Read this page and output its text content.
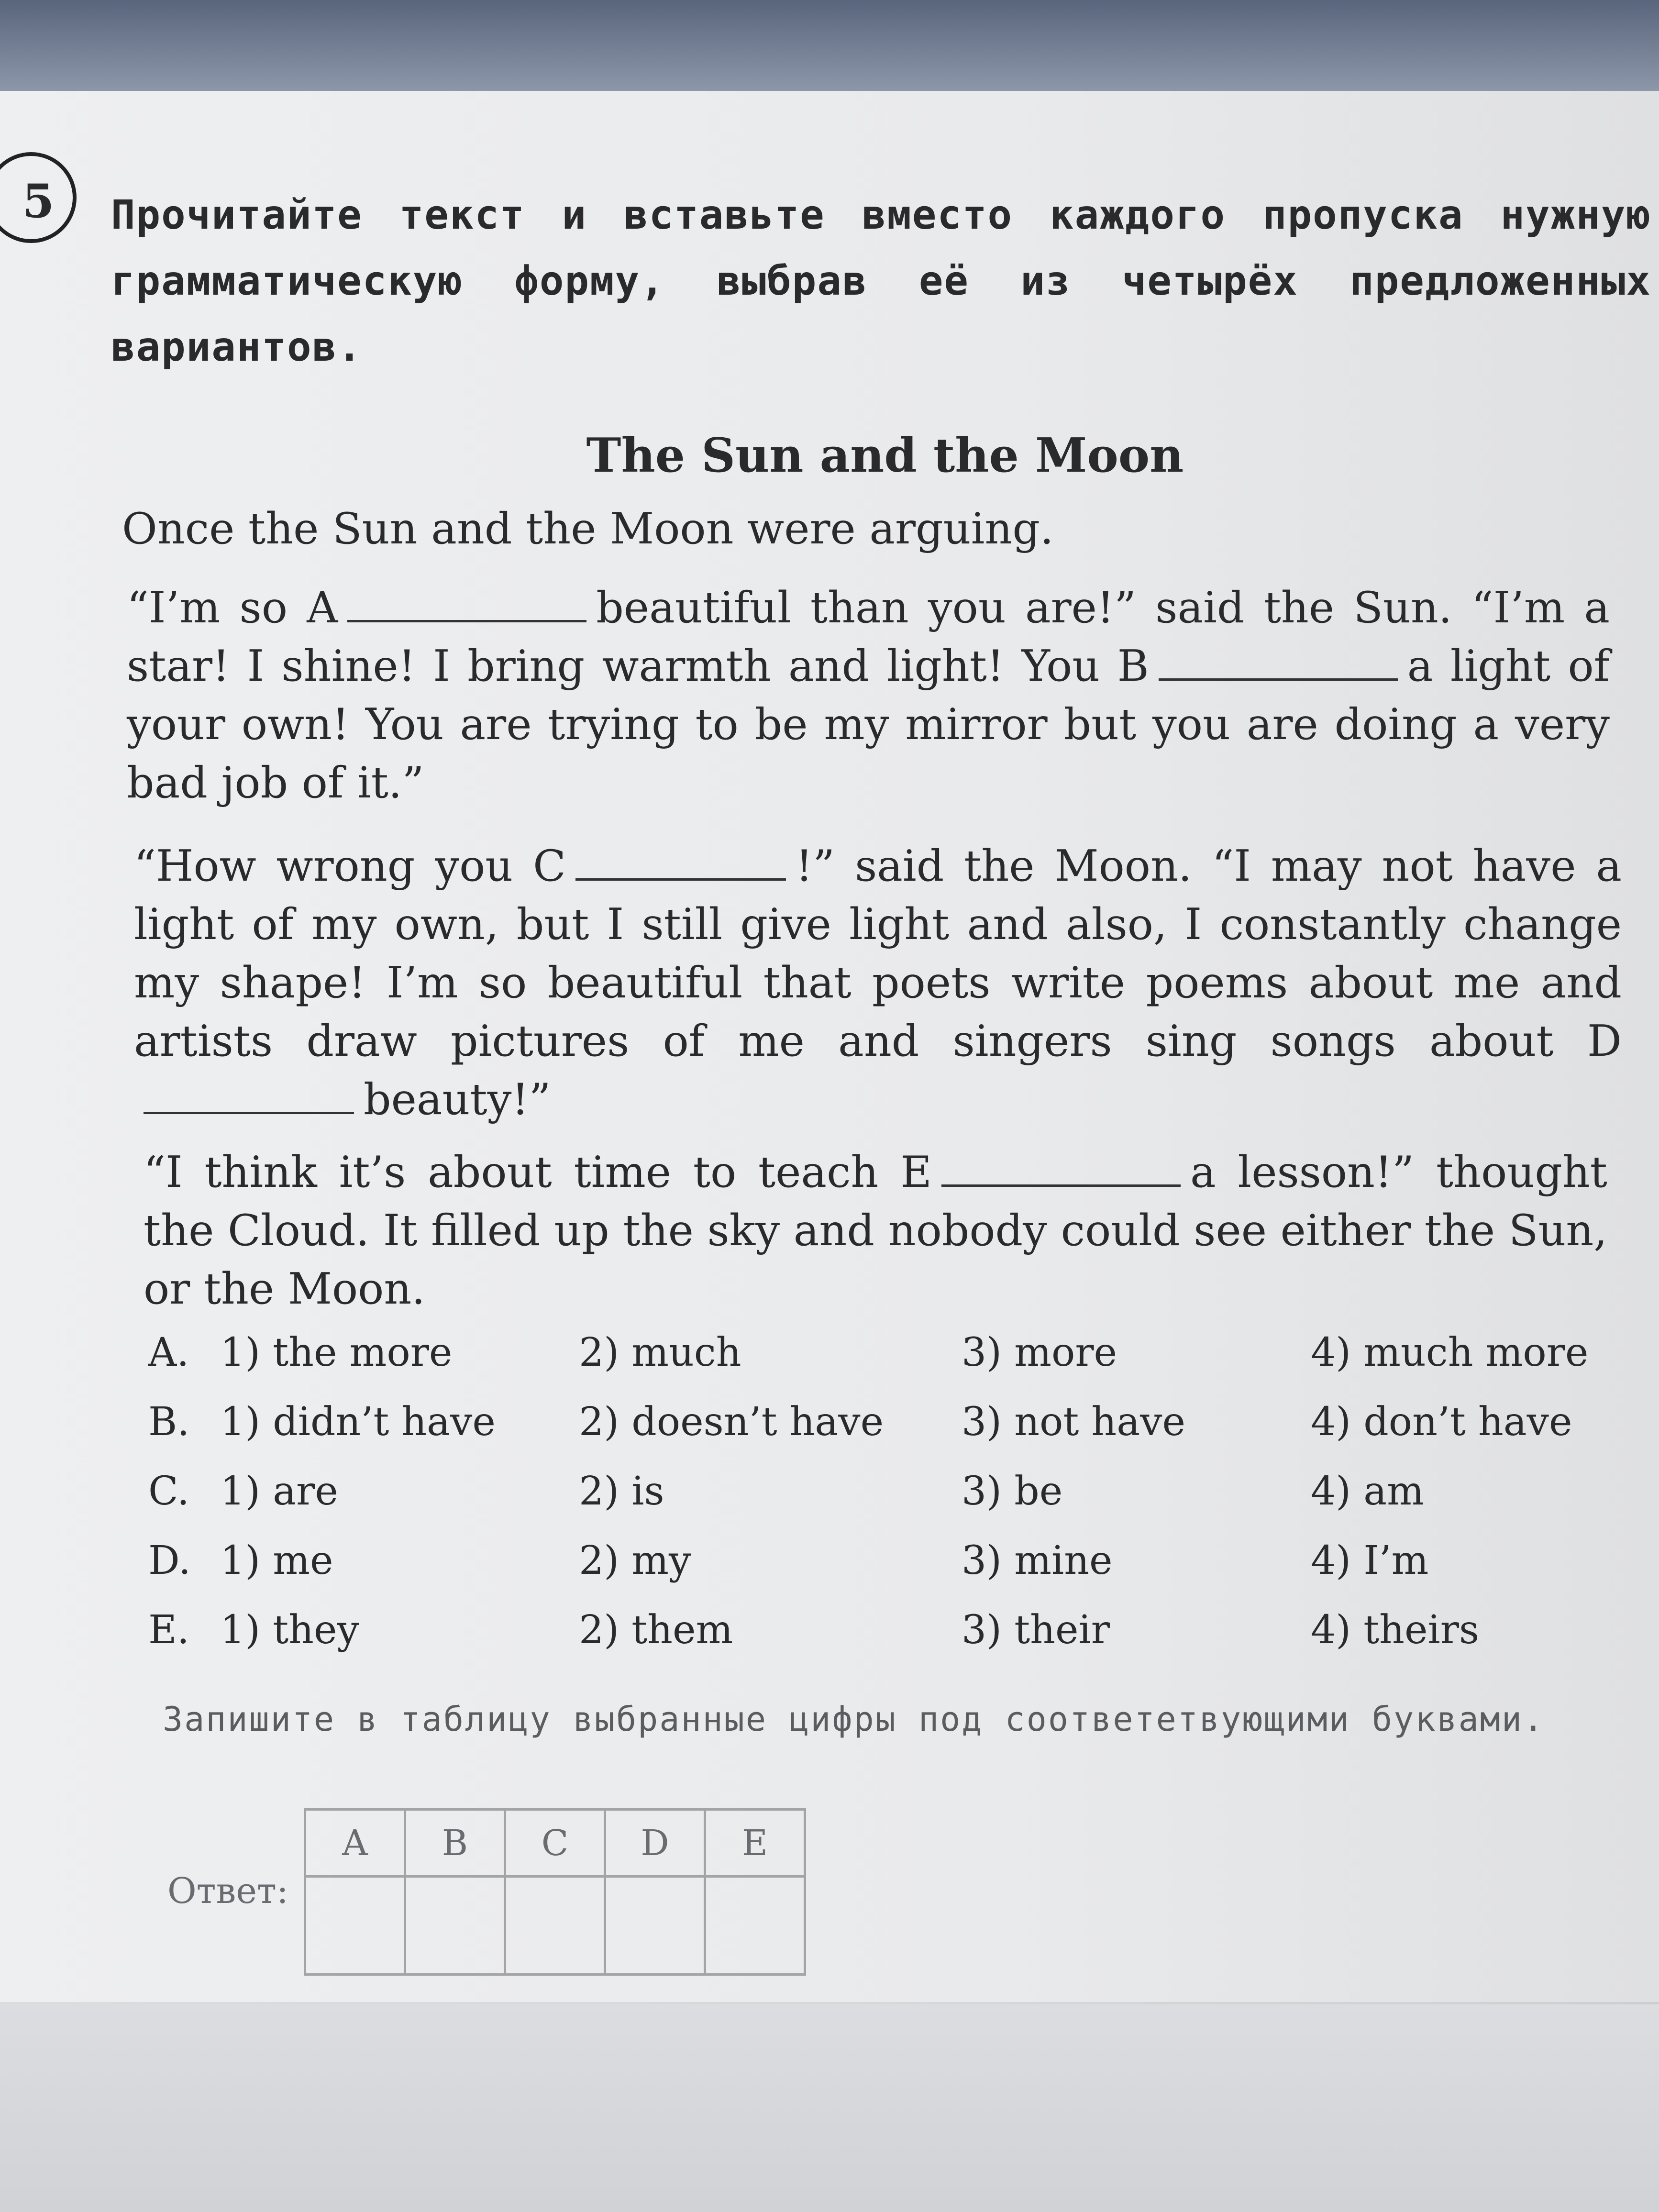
5	Прочитайте текст и вставьте вместо каждого пропуска нужную грамматическую форму, выбрав её из четырёх предложенных вариантов.
The Sun and the Moon

Once the Sun and the Moon were arguing.

“I’m so A	beautiful than you are!” said the Sun. “I’m a star! I shine! I bring warmth and light! You B	a light of your own! You are trying to be my mirror but you are doing a very bad job of it.”

“How wrong you C	!” said the Moon. “I may not have a light of my own, but I still give light and also, I constantly change my shape! I’m so beautiful that poets write poems about me and artists draw pictures of me and singers sing songs about Dbeauty!”

“I think it’s about time to teach E	a lesson!” thought the Cloud. It filled up the sky and nobody could see either the Sun, or the Moon.

A. 1) the more	2) much	3) more	4) much more
B. 1) didn’t have 2) doesn’t have 3) not have	4) don’t have
C. 1) are	2) is	3) be	4) am
D. 1) me	2) my	3) mine	4) I’m
E. 1) they	2) them	3) their	4) theirs
Запишите в таблицу выбранные цифры под соответетвующими буквами.
Ответ:
A	B	C	D	E
